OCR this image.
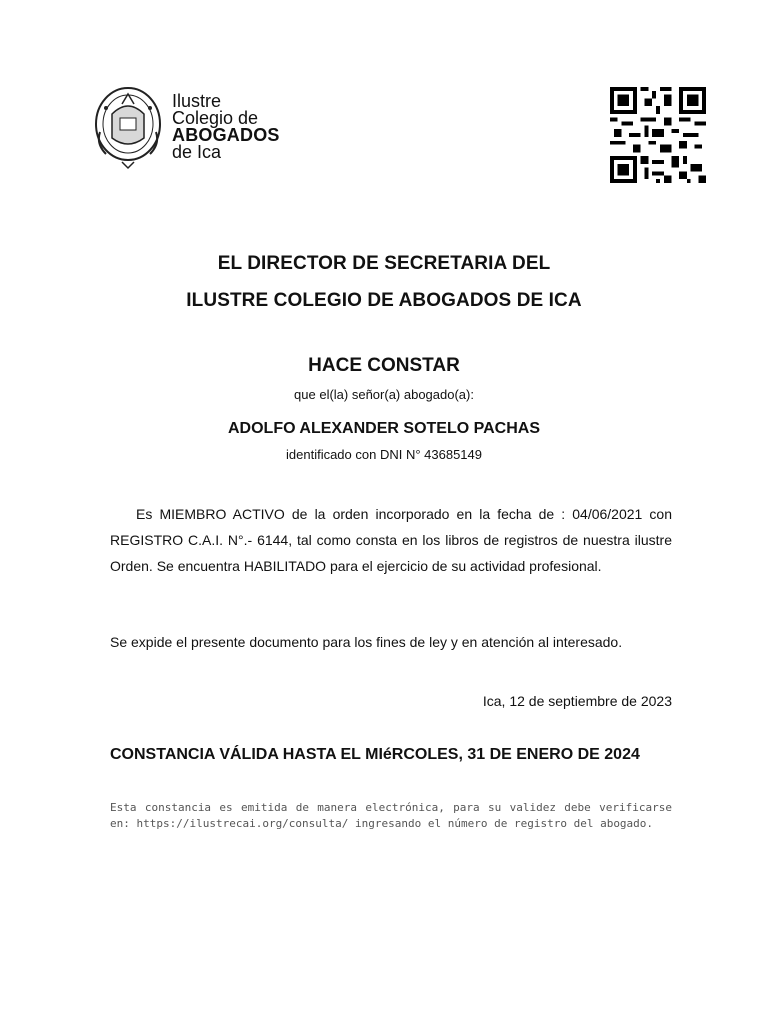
Ilustre
Colegio de
ABOGADOS
de Ica
EL DIRECTOR DE SECRETARIA DEL
ILUSTRE COLEGIO DE ABOGADOS DE ICA
HACE CONSTAR
que el(la) señor(a) abogado(a):
ADOLFO ALEXANDER SOTELO PACHAS
identificado con DNI N° 43685149
Es MIEMBRO ACTIVO de la orden incorporado en la fecha de : 04/06/2021 con REGISTRO C.A.I. N°.- 6144, tal como consta en los libros de registros de nuestra ilustre Orden. Se encuentra HABILITADO para el ejercicio de su actividad profesional.
Se expide el presente documento para los fines de ley y en atención al interesado.
Ica, 12 de septiembre de 2023
CONSTANCIA VÁLIDA HASTA EL MIéRCOLES, 31 DE ENERO DE 2024
Esta constancia es emitida de manera electrónica, para su validez debe verificarse en: https://ilustrecai.org/consulta/ ingresando el número de registro del abogado.
